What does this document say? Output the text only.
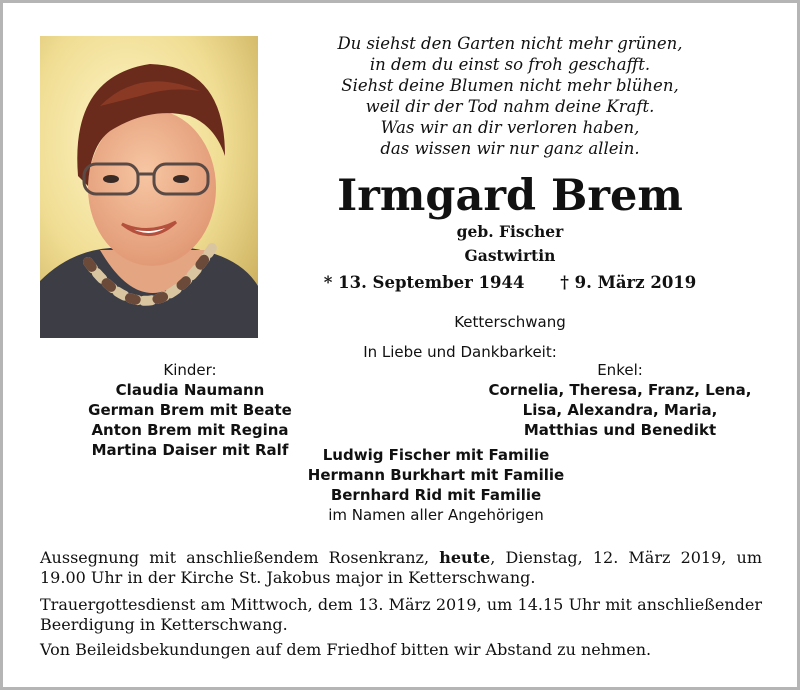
Du siehst den Garten nicht mehr grünen,
in dem du einst so froh geschafft.
Siehst deine Blumen nicht mehr blühen,
weil dir der Tod nahm deine Kraft.
Was wir an dir verloren haben,
das wissen wir nur ganz allein.
Irmgard Brem
geb. Fischer
Gastwirtin
* 13. September 1944 † 9. März 2019
Ketterschwang
In Liebe und Dankbarkeit:
Kinder:
Claudia Naumann
German Brem mit Beate
Anton Brem mit Regina
Martina Daiser mit Ralf
Enkel:
Cornelia, Theresa, Franz, Lena,
Lisa, Alexandra, Maria,
Matthias und Benedikt
Ludwig Fischer mit Familie
Hermann Burkhart mit Familie
Bernhard Rid mit Familie
im Namen aller Angehörigen
Aussegnung mit anschließendem Rosenkranz, heute, Dienstag, 12. März 2019, um 19.00 Uhr in der Kirche St. Jakobus major in Ketterschwang.
Trauergottesdienst am Mittwoch, dem 13. März 2019, um 14.15 Uhr mit anschließender Beerdigung in Ketterschwang.
Von Beileidsbekundungen auf dem Friedhof bitten wir Abstand zu nehmen.
